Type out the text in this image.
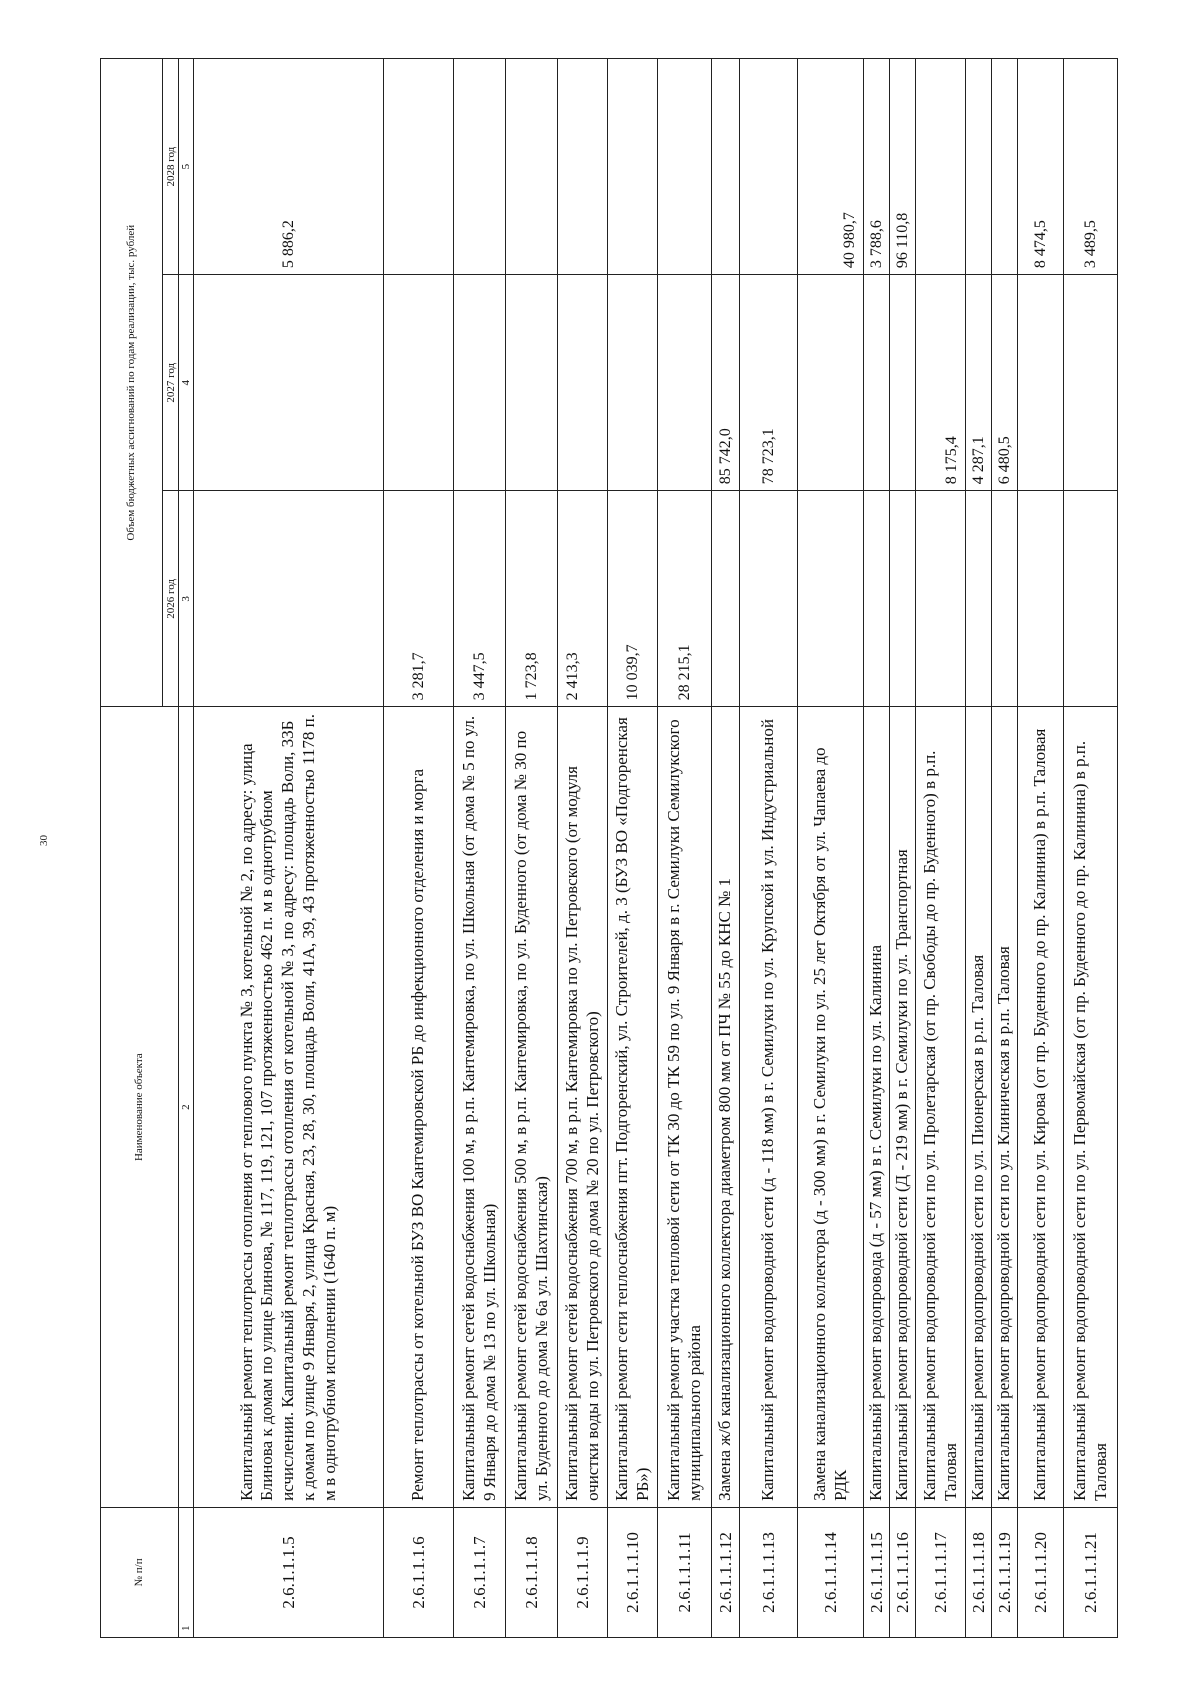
30
№ п/п	Наименование объекта	Объем бюджетных ассигнований по годам реализации, тыс. рублей		
		2026 год	2027 год	2028 год
1	2	3	4	5
2.6.1.1.1.5	Капитальный ремонт теплотрассы отопления от теплового пункта № 3, котельной № 2, по адресу: улица Блинова к домам по улице Блинова, № 117, 119, 121, 107 протяженностью 462 п. м в однотрубном исчислении. Капитальный ремонт теплотрассы отопления от котельной № 3, по адресу: площадь Воли, 33Б к домам по улице 9 Января, 2, улица Красная, 23, 28, 30, площадь Воли, 41А, 39, 43 протяженностью 1178 п. м в однотрубном исполнении (1640 п. м)			5 886,2
2.6.1.1.1.6	Ремонт теплотрассы от котельной БУЗ ВО Кантемировской РБ до инфекционного отделения и морга	3 281,7		
2.6.1.1.1.7	Капитальный ремонт сетей водоснабжения 100 м, в р.п. Кантемировка, по ул. Школьная (от дома № 5 по ул. 9 Января до дома № 13 по ул. Школьная)	3 447,5		
2.6.1.1.1.8	Капитальный ремонт сетей водоснабжения 500 м, в р.п. Кантемировка, по ул. Буденного (от дома № 30 по ул. Буденного до дома № 6а ул. Шахтинская)	1 723,8		
2.6.1.1.1.9	Капитальный ремонт сетей водоснабжения 700 м, в р.п. Кантемировка по ул. Петровского (от модуля очистки воды по ул. Петровского до дома № 20 по ул. Петровского)	2 413,3		
2.6.1.1.1.10	Капитальный ремонт сети теплоснабжения пгт. Подгоренский, ул. Строителей, д. 3 (БУЗ ВО «Подгоренская РБ»)	10 039,7		
2.6.1.1.1.11	Капитальный ремонт участка тепловой сети от ТК 30 до ТК 59 по ул. 9 Января в г. Семилуки Семилукского муниципального района	28 215,1		
2.6.1.1.1.12	Замена ж/б канализационного коллектора диаметром 800 мм от ПЧ № 55 до КНС № 1		85 742,0	
2.6.1.1.1.13	Капитальный ремонт водопроводной сети (д - 118 мм) в г. Семилуки по ул. Крупской и ул. Индустриальной		78 723,1	
2.6.1.1.1.14	Замена канализационного коллектора (д - 300 мм) в г. Семилуки по ул. 25 лет Октября от ул. Чапаева до РДК			40 980,7
2.6.1.1.1.15	Капитальный ремонт водопровода (д - 57 мм) в г. Семилуки по ул. Калинина			3 788,6
2.6.1.1.1.16	Капитальный ремонт водопроводной сети (Д - 219 мм) в г. Семилуки по ул. Транспортная			96 110,8
2.6.1.1.1.17	Капитальный ремонт водопроводной сети по ул. Пролетарская (от пр. Свободы до пр. Буденного) в р.п. Таловая		8 175,4	
2.6.1.1.1.18	Капитальный ремонт водопроводной сети по ул. Пионерская в р.п. Таловая		4 287,1	
2.6.1.1.1.19	Капитальный ремонт водопроводной сети по ул. Клиническая в р.п. Таловая		6 480,5	
2.6.1.1.1.20	Капитальный ремонт водопроводной сети по ул. Кирова (от пр. Буденного до пр. Калинина) в р.п. Таловая			8 474,5
2.6.1.1.1.21	Капитальный ремонт водопроводной сети по ул. Первомайская (от пр. Буденного до пр. Калинина) в р.п. Таловая			3 489,5
